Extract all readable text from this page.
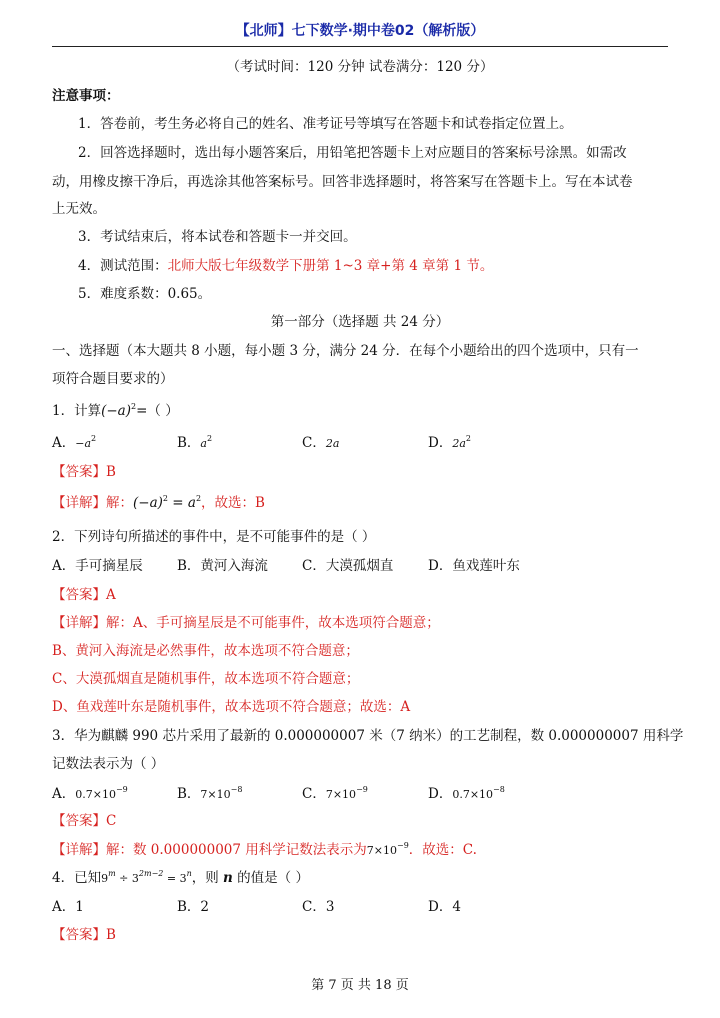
【北师】七下数学·期中卷02（解析版）
（考试时间：120 分钟 试卷满分：120 分）
注意事项：
1．答卷前，考生务必将自己的姓名、准考证号等填写在答题卡和试卷指定位置上。
2．回答选择题时，选出每小题答案后，用铅笔把答题卡上对应题目的答案标号涂黑。如需改
动，用橡皮擦干净后，再选涂其他答案标号。回答非选择题时，将答案写在答题卡上。写在本试卷
上无效。
3．考试结束后，将本试卷和答题卡一并交回。
4．测试范围：北师大版七年级数学下册第 1~3 章+第 4 章第 1 节。
5．难度系数：0.65。
第一部分（选择题 共 24 分）
一、选择题（本大题共 8 小题，每小题 3 分，满分 24 分．在每个小题给出的四个选项中，只有一
项符合题目要求的）
1．计算$(-a)^2=$（ ）
A．$-a^2$	B．$a^2$	C．2a	D．$2a^2$
【答案】B
【详解】解：$(-a)^2 = a^2$，故选：B
2．下列诗句所描述的事件中，是不可能事件的是（ ）
A．手可摘星辰	B．黄河入海流	C．大漠孤烟直	D．鱼戏莲叶东
【答案】A
【详解】解：A、手可摘星辰是不可能事件，故本选项符合题意；
B、黄河入海流是必然事件，故本选项不符合题意；
C、大漠孤烟直是随机事件，故本选项不符合题意；
D、鱼戏莲叶东是随机事件，故本选项不符合题意；故选：A
3．华为麒麟 990 芯片采用了最新的 0.000000007 米（7 纳米）的工艺制程，数 0.000000007 用科学
记数法表示为（ ）
A．$0.7\times 10^{-9}$	B．$7\times 10^{-8}$	C．$7\times 10^{-9}$	D．$0.7\times 10^{-8}$
【答案】C
【详解】解：数 0.000000007 用科学记数法表示为$7\times 10^{-9}$．故选：C.
4．已知$9^m \div 3^{2m-2} = 3^n$，则 n 的值是（ ）
A．1	B．2	C．3	D．4
【答案】B
第 7 页 共 18 页
